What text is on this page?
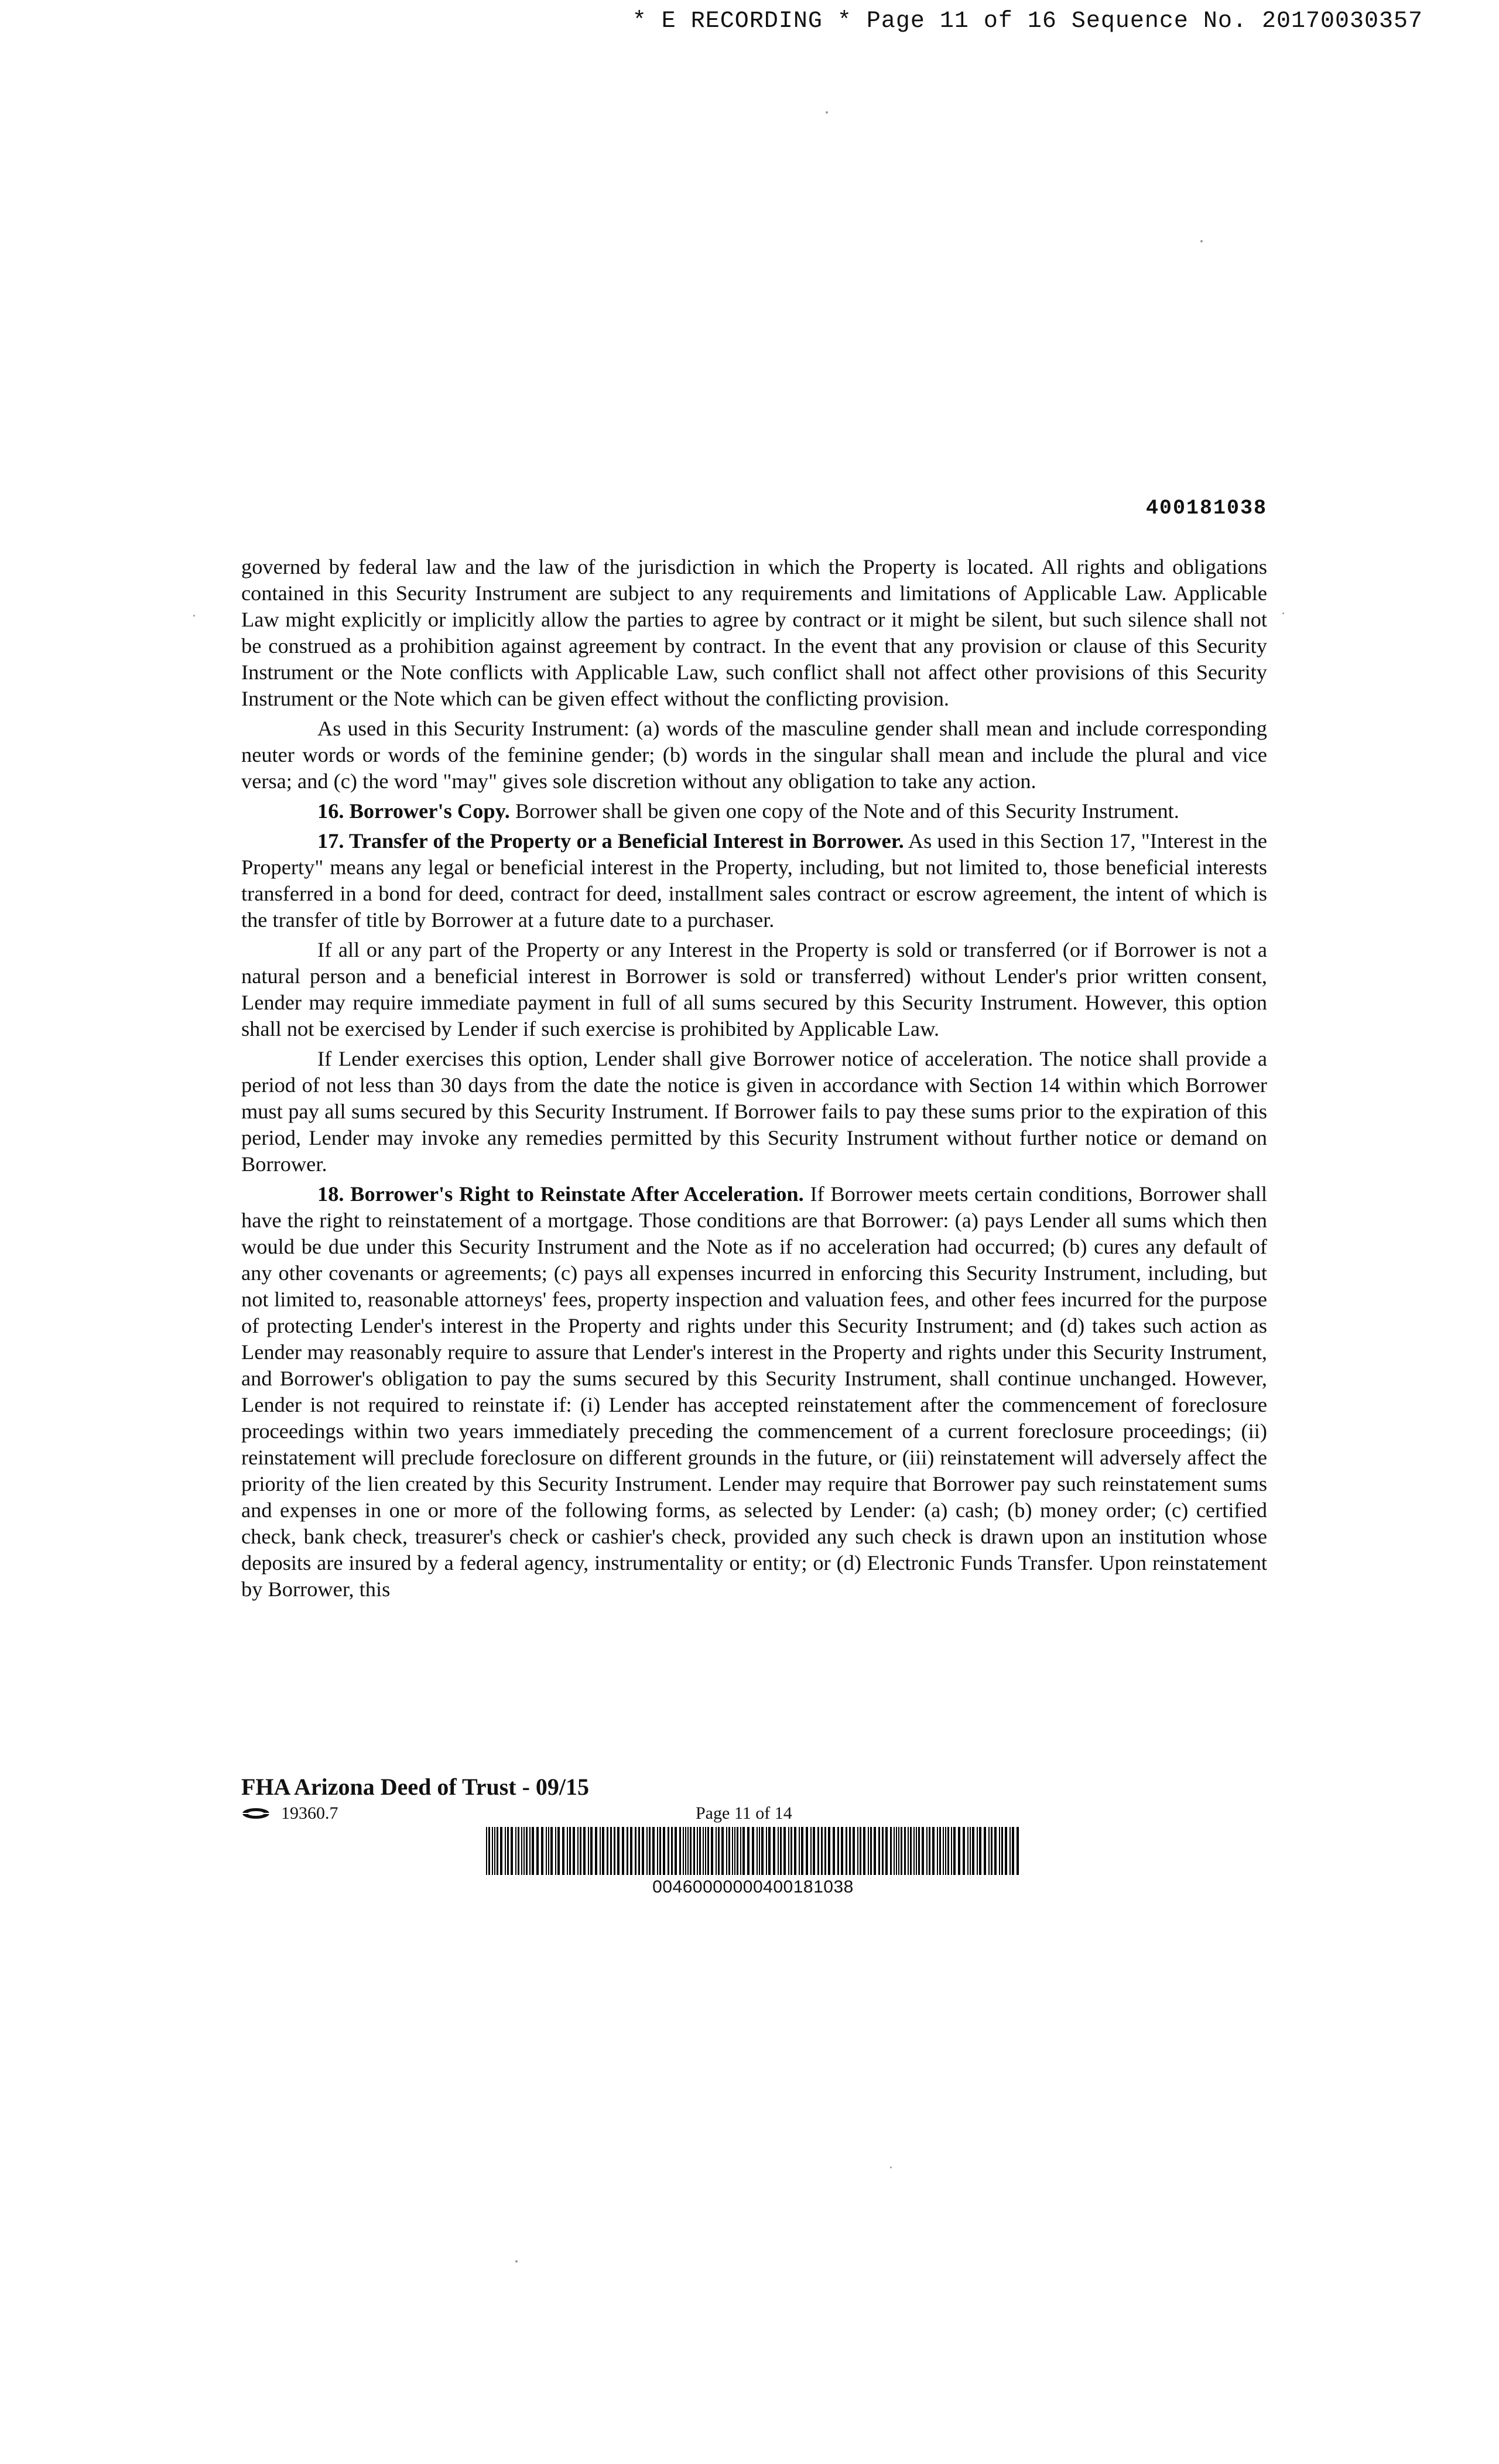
* E RECORDING * Page 11 of 16 Sequence No. 20170030357
400181038

governed by federal law and the law of the jurisdiction in which the Property is located. All rights and obligations contained in this Security Instrument are subject to any requirements and limitations of Applicable Law. Applicable Law might explicitly or implicitly allow the parties to agree by contract or it might be silent, but such silence shall not be construed as a prohibition against agreement by contract. In the event that any provision or clause of this Security Instrument or the Note conflicts with Applicable Law, such conflict shall not affect other provisions of this Security Instrument or the Note which can be given effect without the conflicting provision.

As used in this Security Instrument: (a) words of the masculine gender shall mean and include corresponding neuter words or words of the feminine gender; (b) words in the singular shall mean and include the plural and vice versa; and (c) the word "may" gives sole discretion without any obligation to take any action.

16. Borrower's Copy. Borrower shall be given one copy of the Note and of this Security Instrument.

17. Transfer of the Property or a Beneficial Interest in Borrower. As used in this Section 17, "Interest in the Property" means any legal or beneficial interest in the Property, including, but not limited to, those beneficial interests transferred in a bond for deed, contract for deed, installment sales contract or escrow agreement, the intent of which is the transfer of title by Borrower at a future date to a purchaser.

If all or any part of the Property or any Interest in the Property is sold or transferred (or if Borrower is not a natural person and a beneficial interest in Borrower is sold or transferred) without Lender's prior written consent, Lender may require immediate payment in full of all sums secured by this Security Instrument. However, this option shall not be exercised by Lender if such exercise is prohibited by Applicable Law.

If Lender exercises this option, Lender shall give Borrower notice of acceleration. The notice shall provide a period of not less than 30 days from the date the notice is given in accordance with Section 14 within which Borrower must pay all sums secured by this Security Instrument. If Borrower fails to pay these sums prior to the expiration of this period, Lender may invoke any remedies permitted by this Security Instrument without further notice or demand on Borrower.

18. Borrower's Right to Reinstate After Acceleration. If Borrower meets certain conditions, Borrower shall have the right to reinstatement of a mortgage. Those conditions are that Borrower: (a) pays Lender all sums which then would be due under this Security Instrument and the Note as if no acceleration had occurred; (b) cures any default of any other covenants or agreements; (c) pays all expenses incurred in enforcing this Security Instrument, including, but not limited to, reasonable attorneys' fees, property inspection and valuation fees, and other fees incurred for the purpose of protecting Lender's interest in the Property and rights under this Security Instrument; and (d) takes such action as Lender may reasonably require to assure that Lender's interest in the Property and rights under this Security Instrument, and Borrower's obligation to pay the sums secured by this Security Instrument, shall continue unchanged. However, Lender is not required to reinstate if: (i) Lender has accepted reinstatement after the commencement of foreclosure proceedings within two years immediately preceding the commencement of a current foreclosure proceedings; (ii) reinstatement will preclude foreclosure on different grounds in the future, or (iii) reinstatement will adversely affect the priority of the lien created by this Security Instrument. Lender may require that Borrower pay such reinstatement sums and expenses in one or more of the following forms, as selected by Lender: (a) cash; (b) money order; (c) certified check, bank check, treasurer's check or cashier's check, provided any such check is drawn upon an institution whose deposits are insured by a federal agency, instrumentality or entity; or (d) Electronic Funds Transfer. Upon reinstatement by Borrower, this

FHA Arizona Deed of Trust - 09/15
19360.7	Page 11 of 14
00460000000400181038
